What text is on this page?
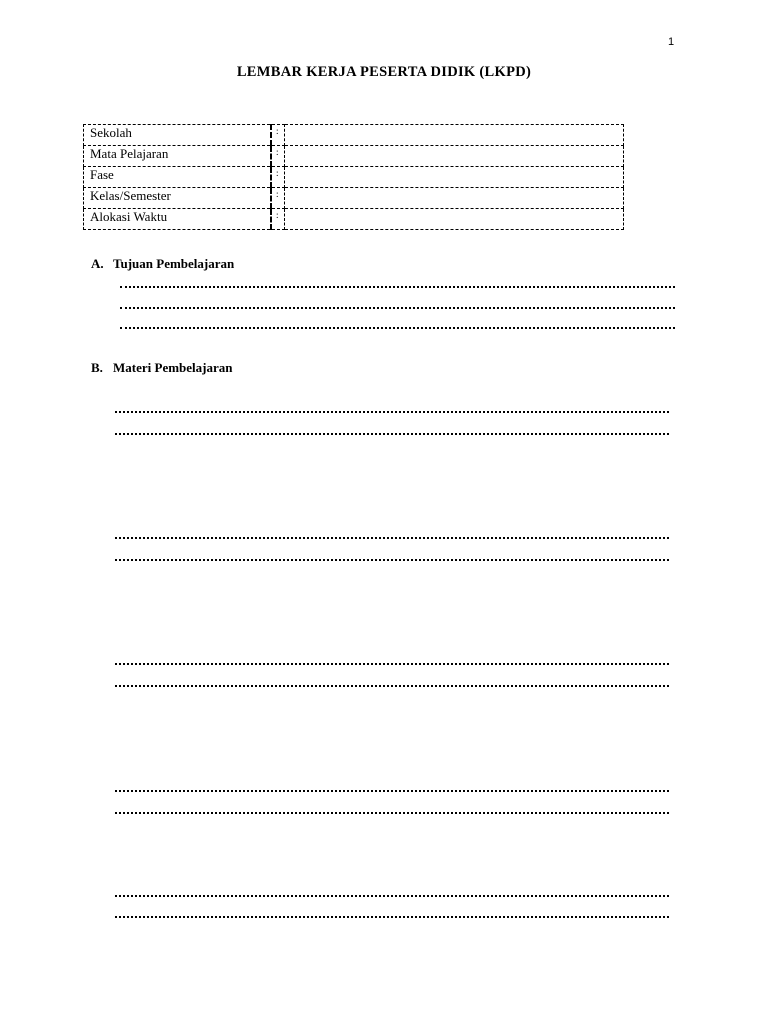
1
LEMBAR KERJA PESERTA DIDIK (LKPD)
Sekolah	:	
Mata Pelajaran	:	
Fase	:	
Kelas/Semester	:	
Alokasi Waktu	:	
A. Tujuan Pembelajaran
B. Materi Pembelajaran
